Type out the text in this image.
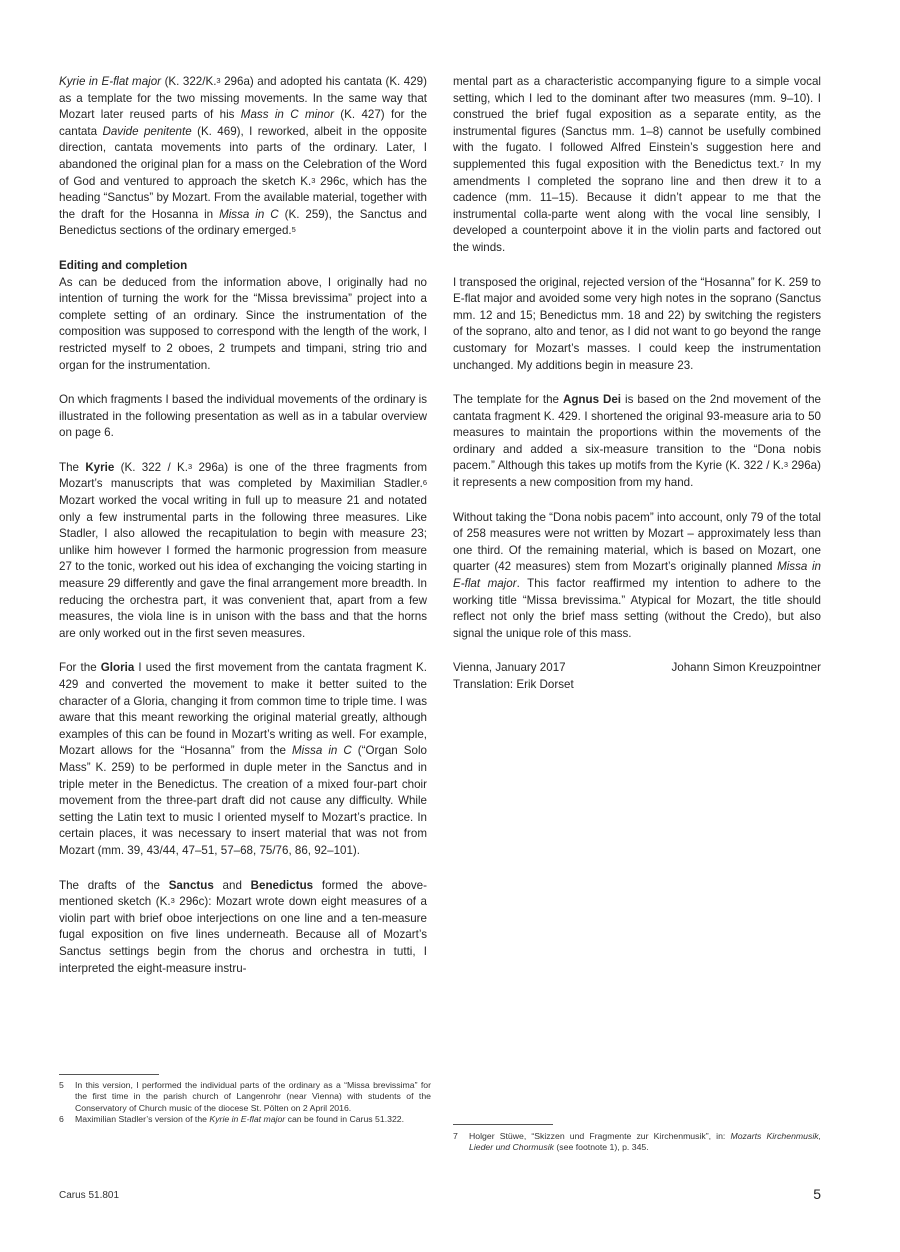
Kyrie in E-flat major (K. 322/K.$^3$ 296a) and adopted his cantata (K. 429) as a template for the two missing movements. In the same way that Mozart later reused parts of his Mass in C minor (K. 427) for the cantata Davide penitente (K. 469), I reworked, albeit in the opposite direction, cantata movements into parts of the ordinary. Later, I abandoned the original plan for a mass on the Celebration of the Word of God and ventured to approach the sketch K.$^3$ 296c, which has the heading “Sanctus” by Mozart. From the available material, together with the draft for the Hosanna in Missa in C (K. 259), the Sanctus and Benedictus sections of the ordinary emerged.$^5$

Editing and completion

As can be deduced from the information above, I originally had no intention of turning the work for the “Missa brevissima” project into a complete setting of an ordinary. Since the instrumentation of the composition was supposed to correspond with the length of the work, I restricted myself to 2 oboes, 2 trumpets and timpani, string trio and organ for the instrumentation.

On which fragments I based the individual movements of the ordinary is illustrated in the following presentation as well as in a tabular overview on page 6.

The Kyrie (K. 322 / K.$^3$ 296a) is one of the three fragments from Mozart’s manuscripts that was completed by Maximilian Stadler.$^6$ Mozart worked the vocal writing in full up to measure 21 and notated only a few instrumental parts in the following three measures. Like Stadler, I also allowed the recapitulation to begin with measure 23; unlike him however I formed the harmonic progression from measure 27 to the tonic, worked out his idea of exchanging the voicing starting in measure 29 differently and gave the final arrangement more breadth. In reducing the orchestra part, it was convenient that, apart from a few measures, the viola line is in unison with the bass and that the horns are only worked out in the first seven measures.

For the Gloria I used the first movement from the cantata fragment K. 429 and converted the movement to make it better suited to the character of a Gloria, changing it from common time to triple time. I was aware that this meant reworking the original material greatly, although examples of this can be found in Mozart’s writing as well. For example, Mozart allows for the “Hosanna” from the Missa in C (“Organ Solo Mass” K. 259) to be performed in duple meter in the Sanctus and in triple meter in the Benedictus. The creation of a mixed four-part choir movement from the three-part draft did not cause any difficulty. While setting the Latin text to music I oriented myself to Mozart’s practice. In certain places, it was necessary to insert material that was not from Mozart (mm. 39, 43/44, 47–51, 57–68, 75/76, 86, 92–101).

The drafts of the Sanctus and Benedictus formed the above-mentioned sketch (K.$^3$ 296c): Mozart wrote down eight measures of a violin part with brief oboe interjections on one line and a ten-measure fugal exposition on five lines underneath. Because all of Mozart’s Sanctus settings begin from the chorus and orchestra in tutti, I interpreted the eight-measure instru-

mental part as a characteristic accompanying figure to a simple vocal setting, which I led to the dominant after two measures (mm. 9–10). I construed the brief fugal exposition as a separate entity, as the instrumental figures (Sanctus mm. 1–8) cannot be usefully combined with the fugato. I followed Alfred Einstein’s suggestion here and supplemented this fugal exposition with the Benedictus text.$^7$ In my amendments I completed the soprano line and then drew it to a cadence (mm. 11–15). Because it didn’t appear to me that the instrumental colla-parte went along with the vocal line sensibly, I developed a counterpoint above it in the violin parts and factored out the winds.

I transposed the original, rejected version of the “Hosanna” for K. 259 to E-flat major and avoided some very high notes in the soprano (Sanctus mm. 12 and 15; Benedictus mm. 18 and 22) by switching the registers of the soprano, alto and tenor, as I did not want to go beyond the range customary for Mozart’s masses. I could keep the instrumentation unchanged. My additions begin in measure 23.

The template for the Agnus Dei is based on the 2nd movement of the cantata fragment K. 429. I shortened the original 93-measure aria to 50 measures to maintain the proportions within the movements of the ordinary and added a six-measure transition to the “Dona nobis pacem.” Although this takes up motifs from the Kyrie (K. 322 / K.$^3$ 296a) it represents a new composition from my hand.

Without taking the “Dona nobis pacem” into account, only 79 of the total of 258 measures were not written by Mozart – approximately less than one third. Of the remaining material, which is based on Mozart, one quarter (42 measures) stem from Mozart’s originally planned Missa in E-flat major. This factor reaffirmed my intention to adhere to the working title “Missa brevissima.” Atypical for Mozart, the title should reflect not only the brief mass setting (without the Credo), but also signal the unique role of this mass.

Vienna, January 2017	Johann Simon Kreuzpointner
Translation: Erik Dorset
5	In this version, I performed the individual parts of the ordinary as a “Missa brevissima” for the first time in the parish church of Langenrohr (near Vienna) with students of the Conservatory of Church music of the diocese St. Pölten on 2 April 2016.
6	Maximilian Stadler’s version of the Kyrie in E-flat major can be found in Carus 51.322.
7	Holger Stüwe, “Skizzen und Fragmente zur Kirchenmusik”, in: Mozarts Kirchenmusik, Lieder und Chormusik (see footnote 1), p. 345.
Carus 51.801	5
